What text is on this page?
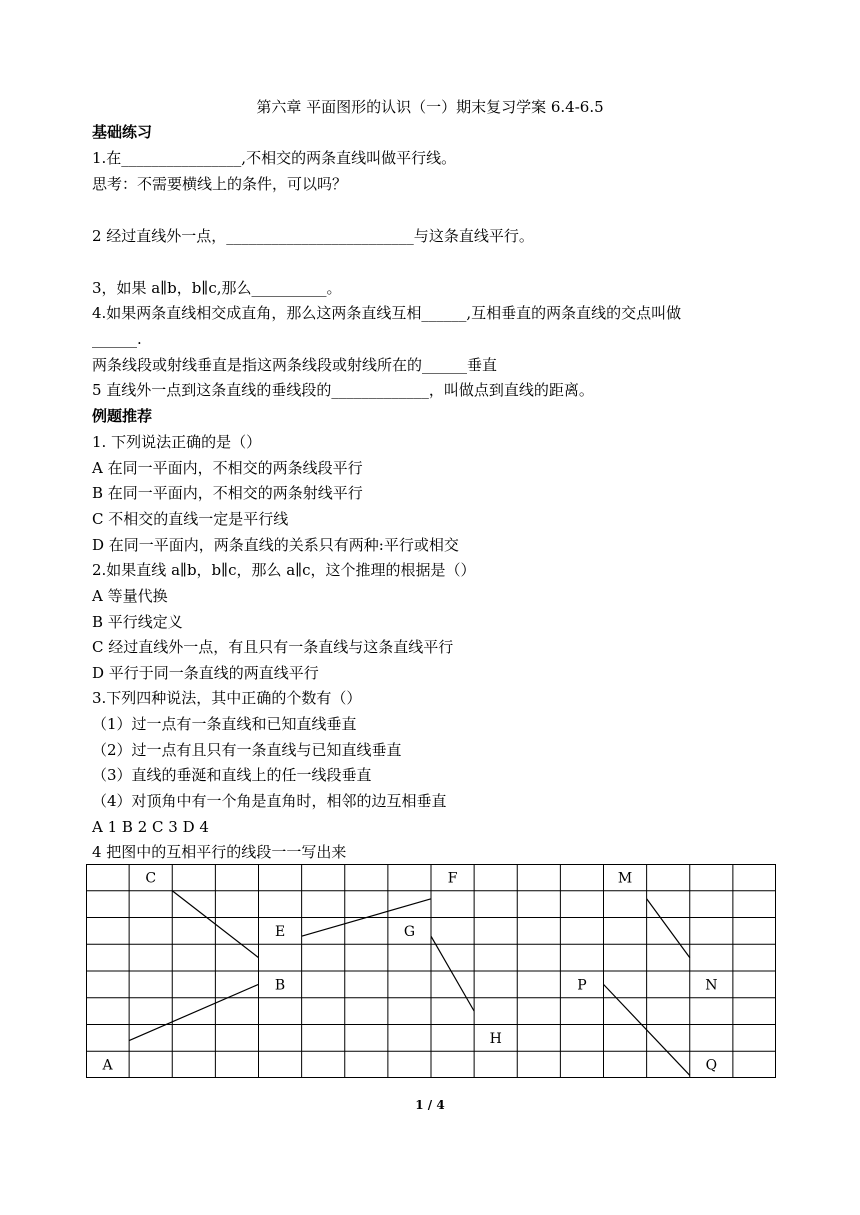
第六章 平面图形的认识（一）期末复习学案 6.4-6.5
基础练习
1.在________________,不相交的两条直线叫做平行线。
思考：不需要横线上的条件，可以吗？
2 经过直线外一点，_________________________与这条直线平行。
3，如果 a∥b，b∥c,那么__________。
4.如果两条直线相交成直角，那么这两条直线互相______,互相垂直的两条直线的交点叫做
______.
两条线段或射线垂直是指这两条线段或射线所在的______垂直
5 直线外一点到这条直线的垂线段的_____________，叫做点到直线的距离。
例题推荐
1. 下列说法正确的是（）
A 在同一平面内，不相交的两条线段平行
B 在同一平面内，不相交的两条射线平行
C 不相交的直线一定是平行线
D 在同一平面内，两条直线的关系只有两种:平行或相交
2.如果直线 a∥b，b∥c，那么 a∥c，这个推理的根据是（）
A 等量代换
B 平行线定义
C 经过直线外一点，有且只有一条直线与这条直线平行
D 平行于同一条直线的两直线平行
3.下列四种说法，其中正确的个数有（）
（1）过一点有一条直线和已知直线垂直
（2）过一点有且只有一条直线与已知直线垂直
（3）直线的垂涎和直线上的任一线段垂直
（4）对顶角中有一个角是直角时，相邻的边互相垂直
A 1 B 2 C 3 D 4
4 把图中的互相平行的线段一一写出来
C	F	M
E	G
B	P	N
H
A	Q
1 / 4
